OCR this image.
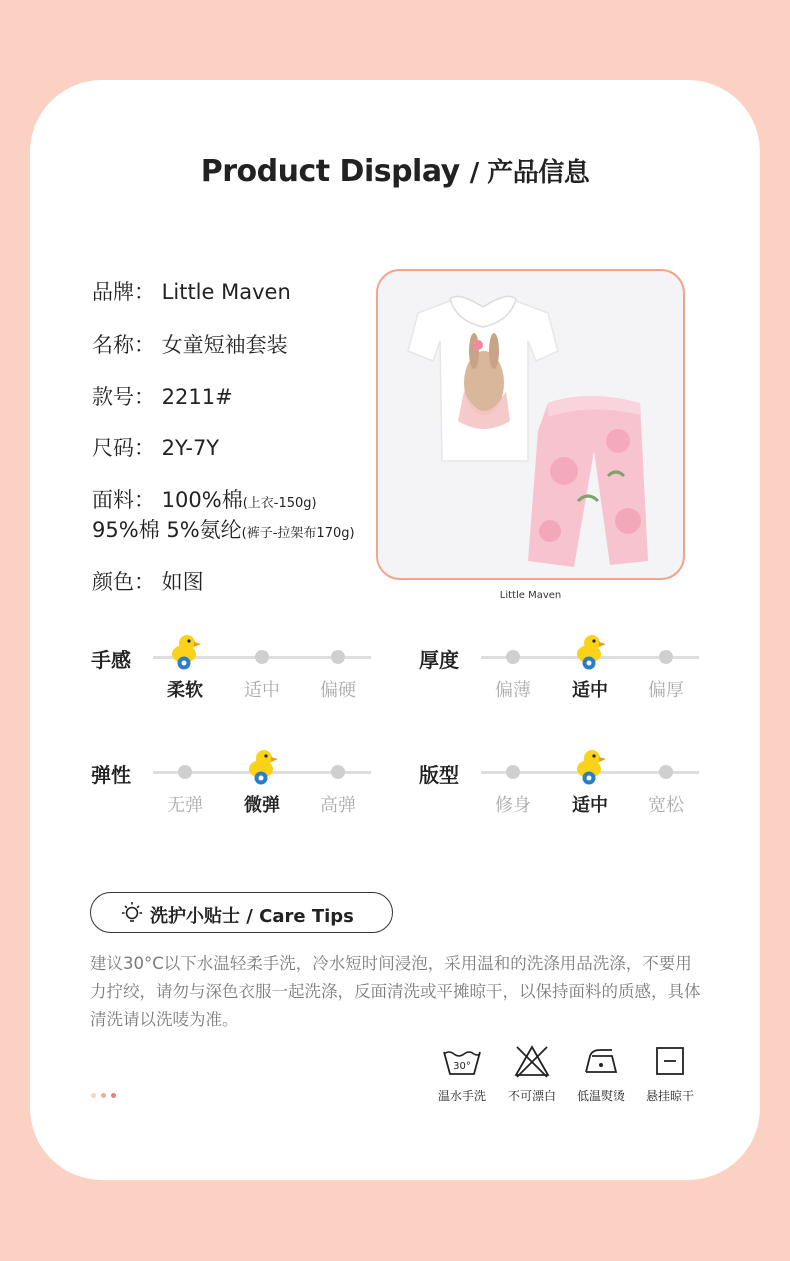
Product Display / 产品信息
品牌： Little Maven
名称： 女童短袖套装
款号： 2211#
尺码： 2Y-7Y
面料： 100%棉(上衣-150g)
95%棉 5%氨纶(裤子-拉架布170g)
颜色： 如图
Little Maven
手感
柔软	适中	偏硬
厚度
偏薄	适中	偏厚
弹性
无弹	微弹	高弹
版型
修身	适中	宽松
洗护小贴士 / Care Tips
建议30°C以下水温轻柔手洗，冷水短时间浸泡，采用温和的洗涤用品洗涤，不要用力拧绞，请勿与深色衣服一起洗涤，反面清洗或平摊晾干，以保持面料的质感，具体清洗请以洗唛为准。
30°
温水手洗	不可漂白	低温熨烫	悬挂晾干
